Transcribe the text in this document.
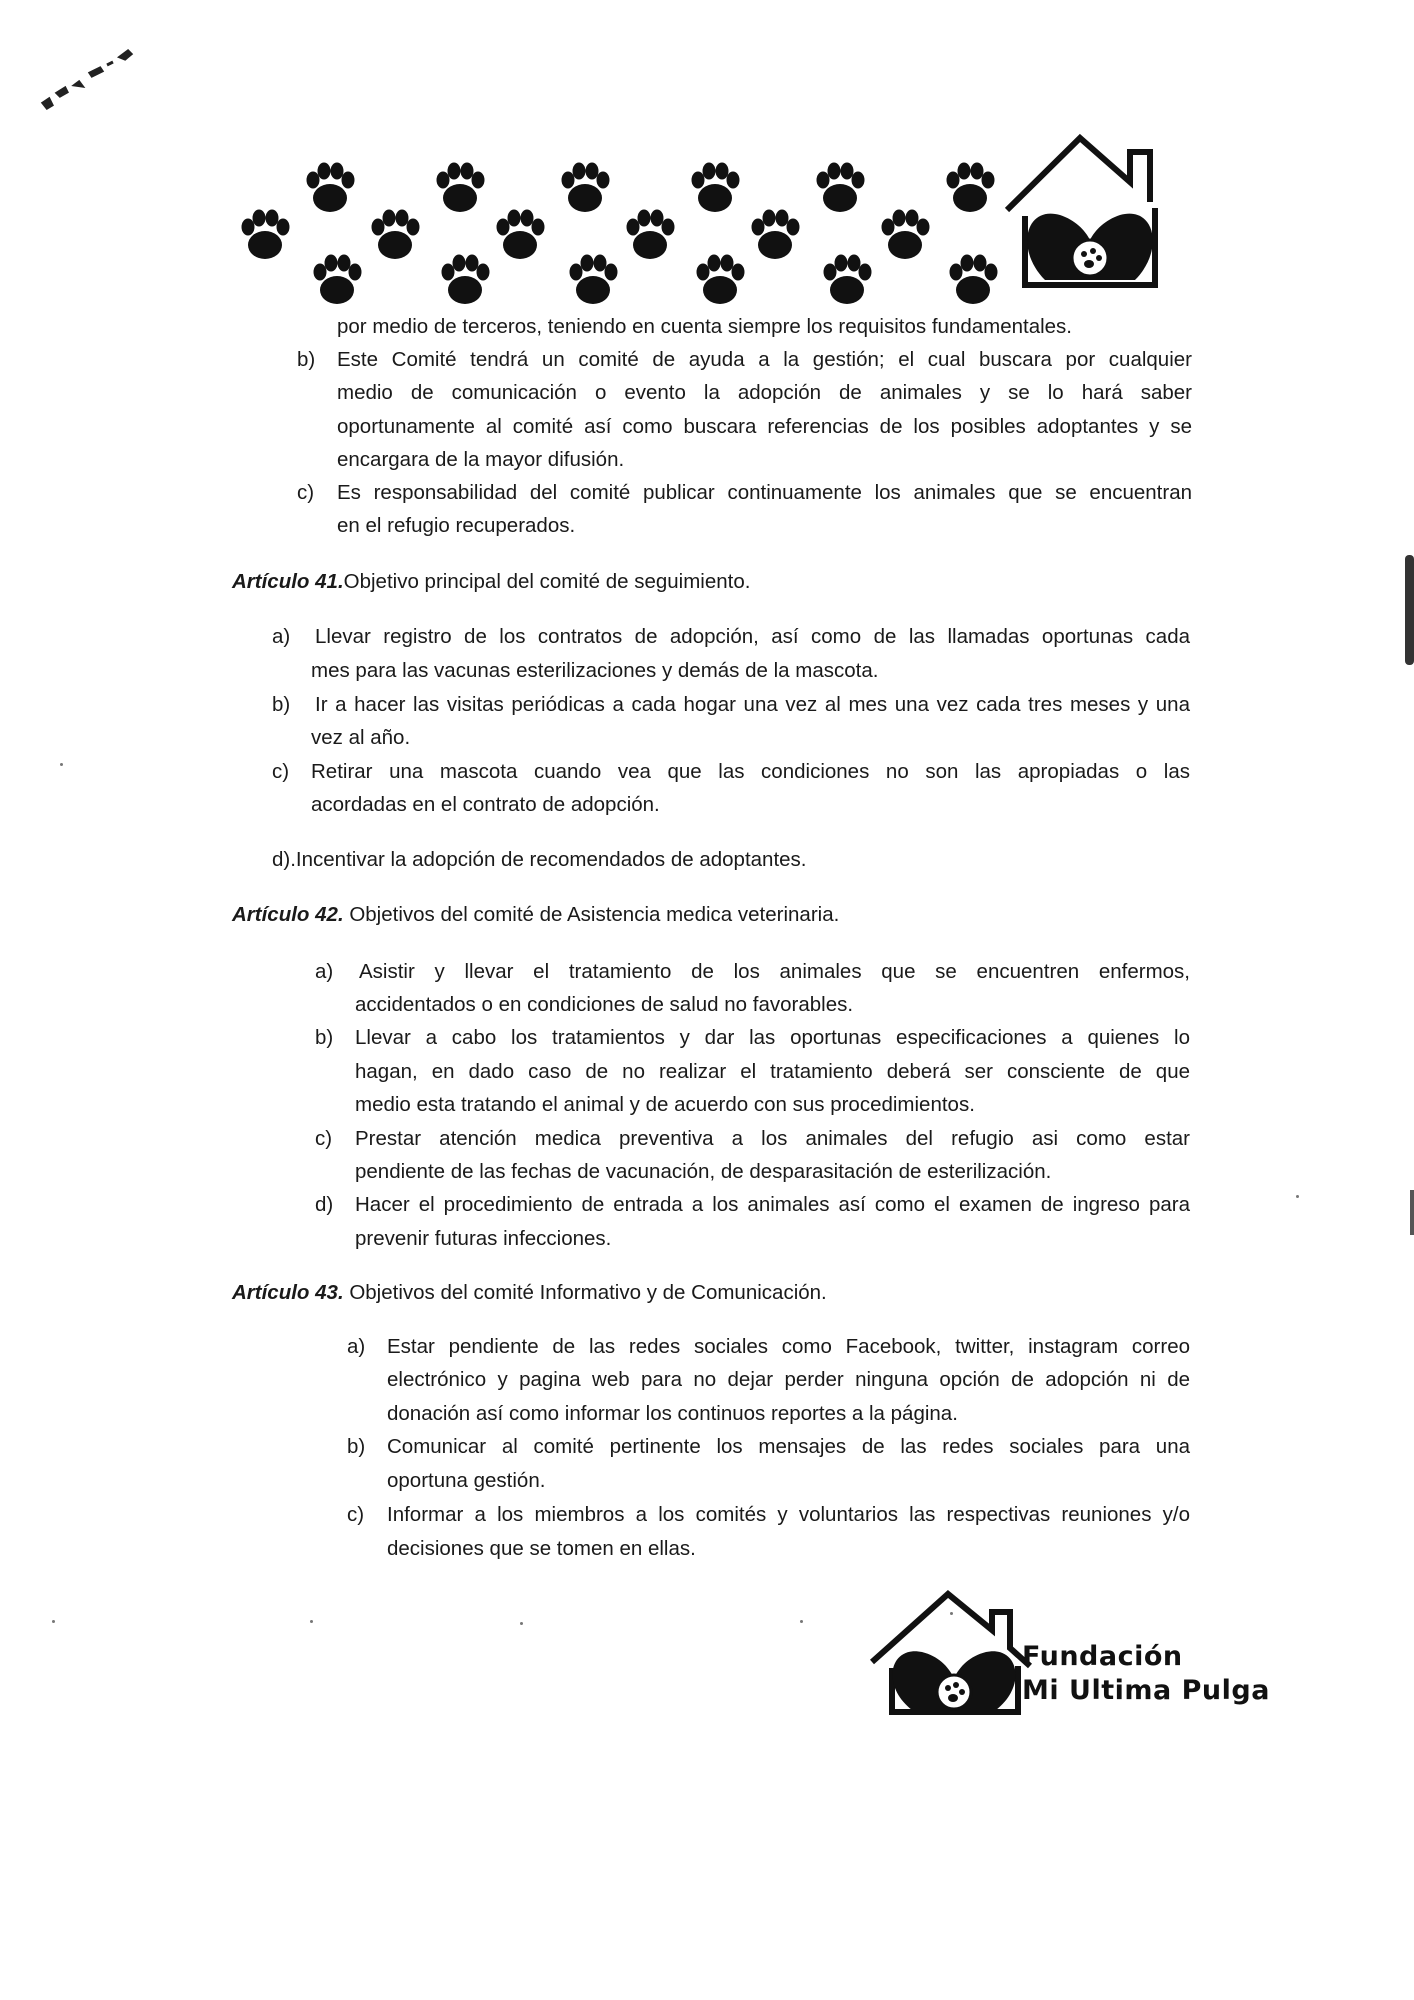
por medio de terceros, teniendo en cuenta siempre los requisitos fundamentales.
b) Este Comité tendrá un comité de ayuda a la gestión; el cual buscara por cualquier
medio de comunicación o evento la adopción de animales y se lo hará saber
oportunamente al comité así como buscara referencias de los posibles adoptantes y se
encargara de la mayor difusión.
c) Es responsabilidad del comité publicar continuamente los animales que se encuentran
en el refugio recuperados.
Artículo 41.Objetivo principal del comité de seguimiento.
a) Llevar registro de los contratos de adopción, así como de las llamadas oportunas cada
mes para las vacunas esterilizaciones y demás de la mascota.
b) Ir a hacer las visitas periódicas a cada hogar una vez al mes una vez cada tres meses y una
vez al año.
c) Retirar una mascota cuando vea que las condiciones no son las apropiadas o las
acordadas en el contrato de adopción.
d).Incentivar la adopción de recomendados de adoptantes.
Artículo 42. Objetivos del comité de Asistencia medica veterinaria.
a) Asistir y llevar el tratamiento de los animales que se encuentren enfermos,
accidentados o en condiciones de salud no favorables.
b) Llevar a cabo los tratamientos y dar las oportunas especificaciones a quienes lo
hagan, en dado caso de no realizar el tratamiento deberá ser consciente de que
medio esta tratando el animal y de acuerdo con sus procedimientos.
c) Prestar atención medica preventiva a los animales del refugio asi como estar
pendiente de las fechas de vacunación, de desparasitación de esterilización.
d) Hacer el procedimiento de entrada a los animales así como el examen de ingreso para
prevenir futuras infecciones.
Artículo 43. Objetivos del comité Informativo y de Comunicación.
a) Estar pendiente de las redes sociales como Facebook, twitter, instagram correo
electrónico y pagina web para no dejar perder ninguna opción de adopción ni de
donación así como informar los continuos reportes a la página.
b) Comunicar al comité pertinente los mensajes de las redes sociales para una
oportuna gestión.
c) Informar a los miembros a los comités y voluntarios las respectivas reuniones y/o
decisiones que se tomen en ellas.
Fundación
Mi Ultima Pulga
